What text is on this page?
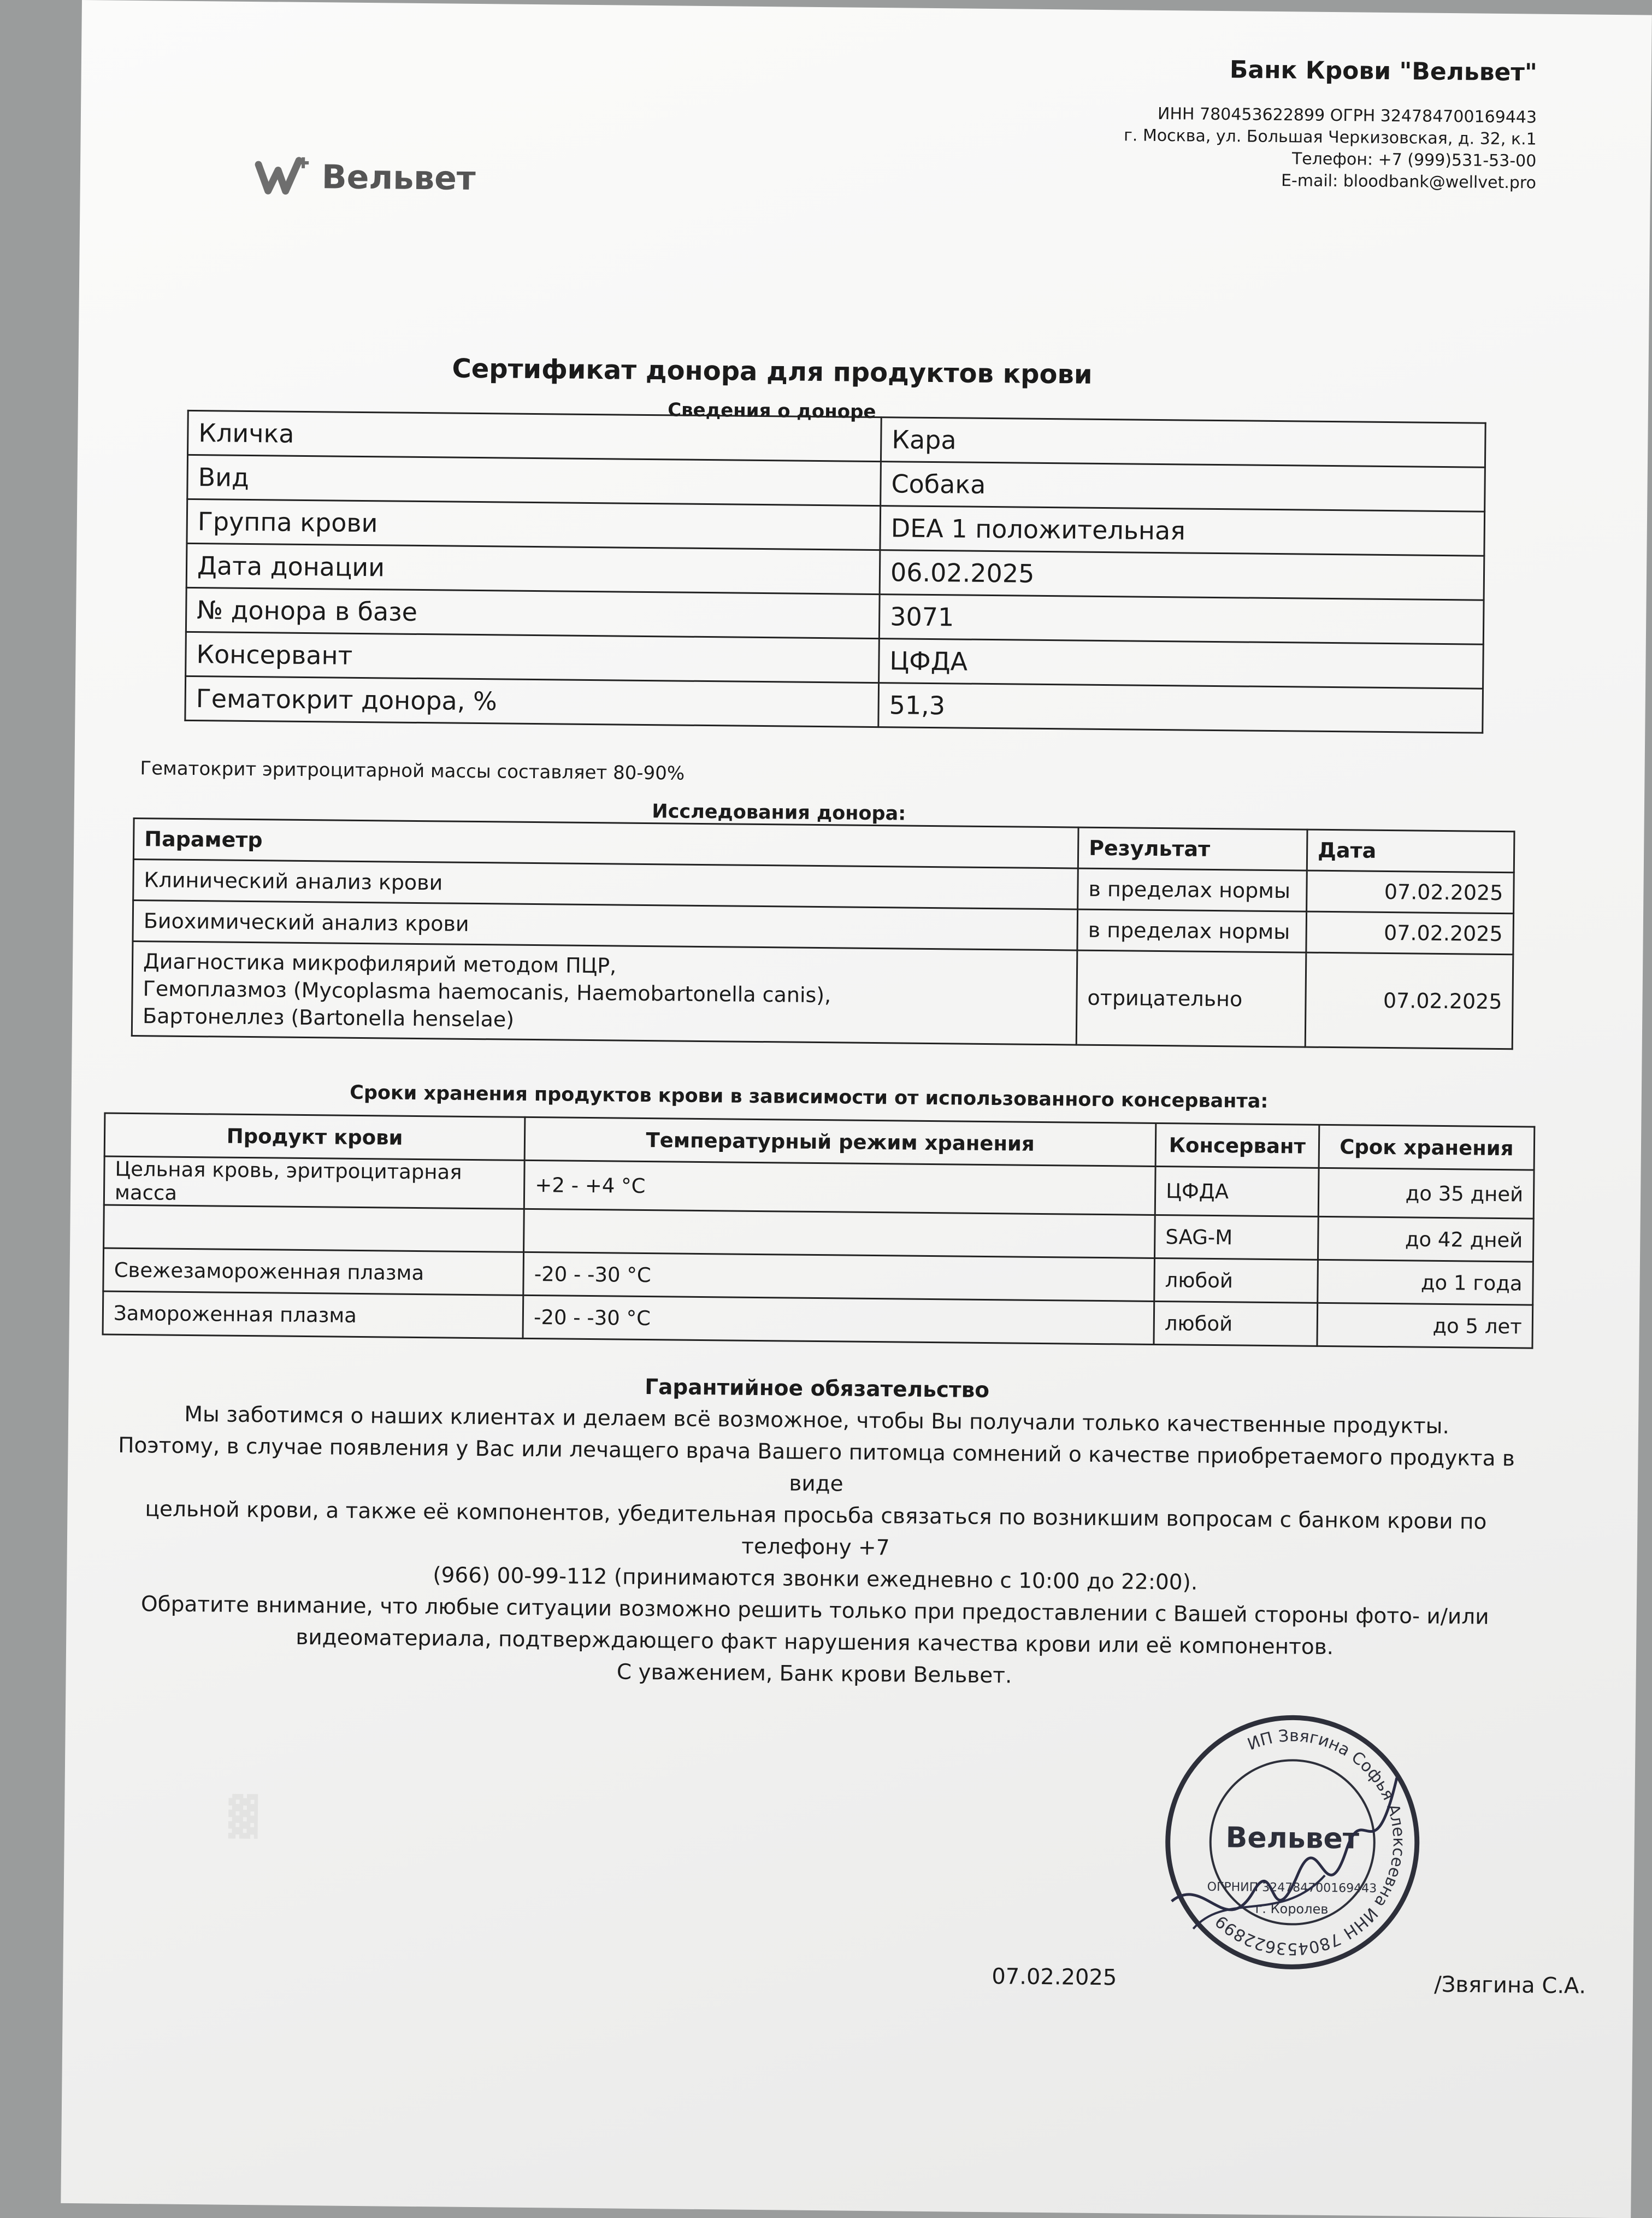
Банк Крови "Вельвет"
ИНН 780453622899 ОГРН 324784700169443
г. Москва, ул. Большая Черкизовская, д. 32, к.1
Телефон: +7 (999)531-53-00
E-mail: bloodbank@wellvet.pro
Вельвет
▓
Сертификат донора для продуктов крови
Сведения о доноре
Кличка	Кара
Вид	Собака
Группа крови	DEA 1 положительная
Дата донации	06.02.2025
№ донора в базе	3071
Консервант	ЦФДА
Гематокрит донора, %	51,3
Гематокрит эритроцитарной массы составляет 80-90%
Исследования донора:
Параметр	Результат	Дата
Клинический анализ крови	в пределах нормы	07.02.2025
Биохимический анализ крови	в пределах нормы	07.02.2025

Диагностика микрофилярий методом ПЦР,
Гемоплазмоз (Mycoplasma haemocanis, Haemobartonella canis),
Бартонеллез (Bartonella henselae)	отрицательно	07.02.2025
Сроки хранения продуктов крови в зависимости от использованного консерванта:
Продукт крови	Температурный режим хранения	Консервант	Срок хранения
Цельная кровь, эритроцитарная масса	+2 - +4 °C	ЦФДА	до 35 дней
		SAG-M	до 42 дней
Свежезамороженная плазма	-20 - -30 °C	любой	до 1 года
Замороженная плазма	-20 - -30 °C	любой	до 5 лет
Гарантийное обязательство
Мы заботимся о наших клиентах и делаем всё возможное, чтобы Вы получали только качественные продукты.
Поэтому, в случае появления у Вас или лечащего врача Вашего питомца сомнений о качестве приобретаемого продукта в виде
цельной крови, а также её компонентов, убедительная просьба связаться по возникшим вопросам с банком крови по телефону +7
(966) 00-99-112 (принимаются звонки ежедневно с 10:00 до 22:00).
Обратите внимание, что любые ситуации возможно решить только при предоставлении с Вашей стороны фото- и/или
видеоматериала, подтверждающего факт нарушения качества крови или её компонентов.
С уважением, Банк крови Вельвет.
ИП Звягина Софья Алексеевна ИНН 780453622899
Вельвет
ОГРНИП 324784700169443
г. Королев
07.02.2025	/Звягина С.А.
